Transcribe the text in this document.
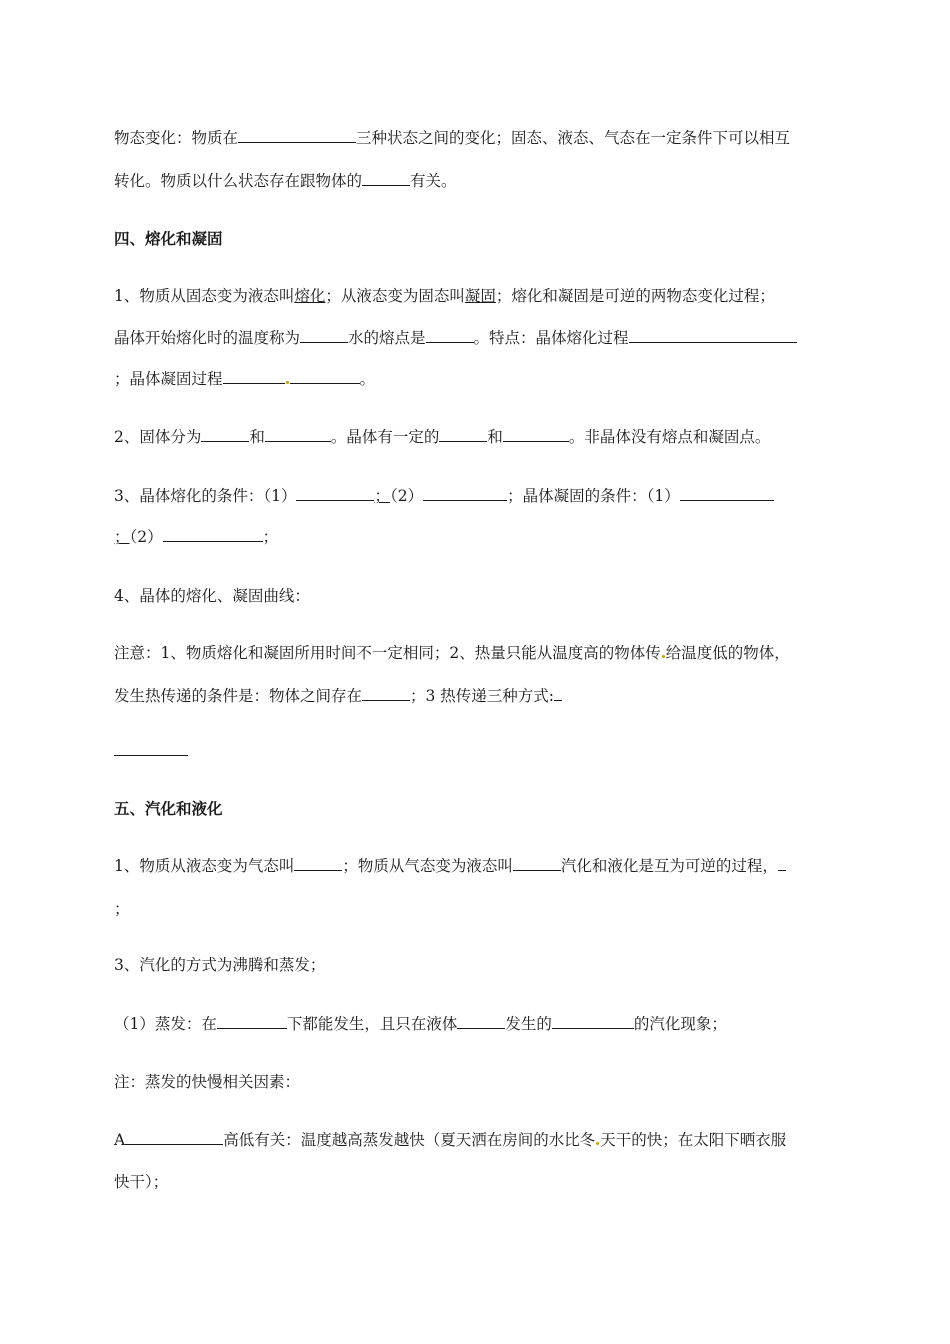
物态变化：物质在	三种状态之间的变化；固态、液态、气态在一定条件下可以相互
转化。物质以什么状态存在跟物体的	有关。
四、熔化和凝固
1、物质从固态变为液态叫熔化；从液态变为固态叫凝固；熔化和凝固是可逆的两物态变化过程；
晶体开始熔化时的温度称为	水的熔点是	。特点：晶体熔化过程
；晶体凝固过程	。
2、固体分为	和	。晶体有一定的	和	。非晶体没有熔点和凝固点。
3、晶体熔化的条件：（1）	；（2）	；晶体凝固的条件：（1）
；（2）	；
4、晶体的熔化、凝固曲线：
注意：1、物质熔化和凝固所用时间不一定相同；2、热量只能从温度高的物体传 给温度低的物体，
发生热传递的条件是：物体之间存在	；3 热传递三种方式:
五、汽化和液化
1、物质从液态变为气态叫	；物质从气态变为液态叫	汽化和液化是互为可逆的过程，
；
3、汽化的方式为沸腾和蒸发；
（1）蒸发：在	下都能发生，且只在液体	发生的	的汽化现象；
注：蒸发的快慢相关因素：
A	高低有关：温度越高蒸发越快（夏天洒在房间的水比冬 天干的快；在太阳下晒衣服
快干）；
